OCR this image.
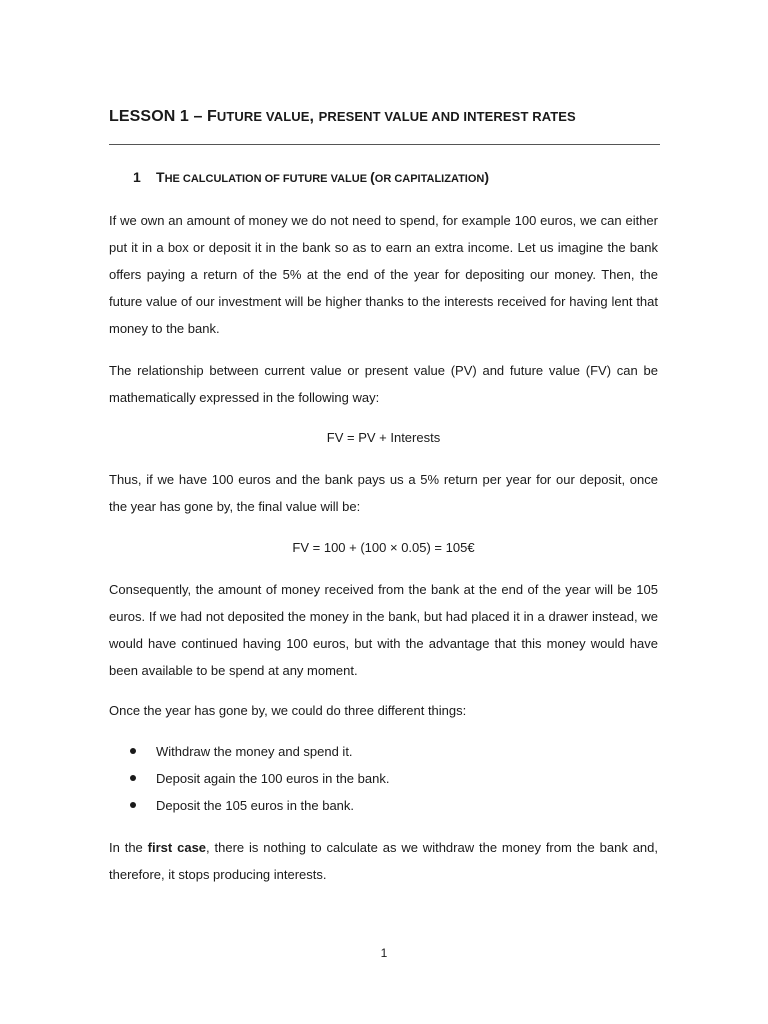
LESSON 1 – FUTURE VALUE, PRESENT VALUE AND INTEREST RATES
1 THE CALCULATION OF FUTURE VALUE (OR CAPITALIZATION)

If we own an amount of money we do not need to spend, for example 100 euros, we can either put it in a box or deposit it in the bank so as to earn an extra income. Let us imagine the bank offers paying a return of the 5% at the end of the year for depositing our money. Then, the future value of our investment will be higher thanks to the interests received for having lent that money to the bank.

The relationship between current value or present value (PV) and future value (FV) can be mathematically expressed in the following way:

FV = PV + Interests

Thus, if we have 100 euros and the bank pays us a 5% return per year for our deposit, once the year has gone by, the final value will be:

FV = 100 + (100 × 0.05) = 105€

Consequently, the amount of money received from the bank at the end of the year will be 105 euros. If we had not deposited the money in the bank, but had placed it in a drawer instead, we would have continued having 100 euros, but with the advantage that this money would have been available to be spend at any moment.

Once the year has gone by, we could do three different things:

Withdraw the money and spend it.
Deposit again the 100 euros in the bank.
Deposit the 105 euros in the bank.

In the first case, there is nothing to calculate as we withdraw the money from the bank and, therefore, it stops producing interests.

1
